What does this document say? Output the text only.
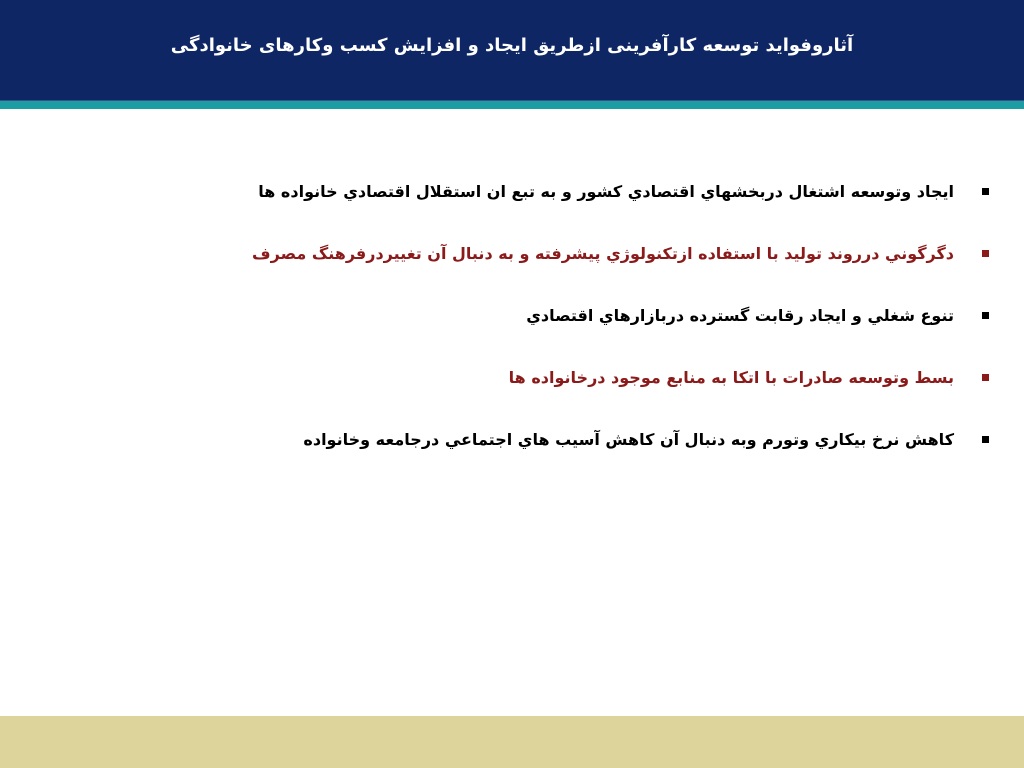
آثاروفواید توسعه کارآفرینی ازطریق ایجاد و افزایش کسب وکارهای خانوادگی
ايجاد وتوسعه اشتغال دربخشهاي اقتصادي كشور و به تبع ان استقلال اقتصادي خانواده ها
دگرگوني درروند توليد با استفاده ازتكنولوژي پيشرفته و به دنبال آن تغييردرفرهنگ مصرف
تنوع شغلي و ايجاد رقابت گسترده دربازارهاي اقتصادي
بسط وتوسعه صادرات با اتكا به منابع موجود درخانواده ها
كاهش نرخ بيكاري وتورم وبه دنبال آن كاهش آسيب هاي اجتماعي درجامعه وخانواده
